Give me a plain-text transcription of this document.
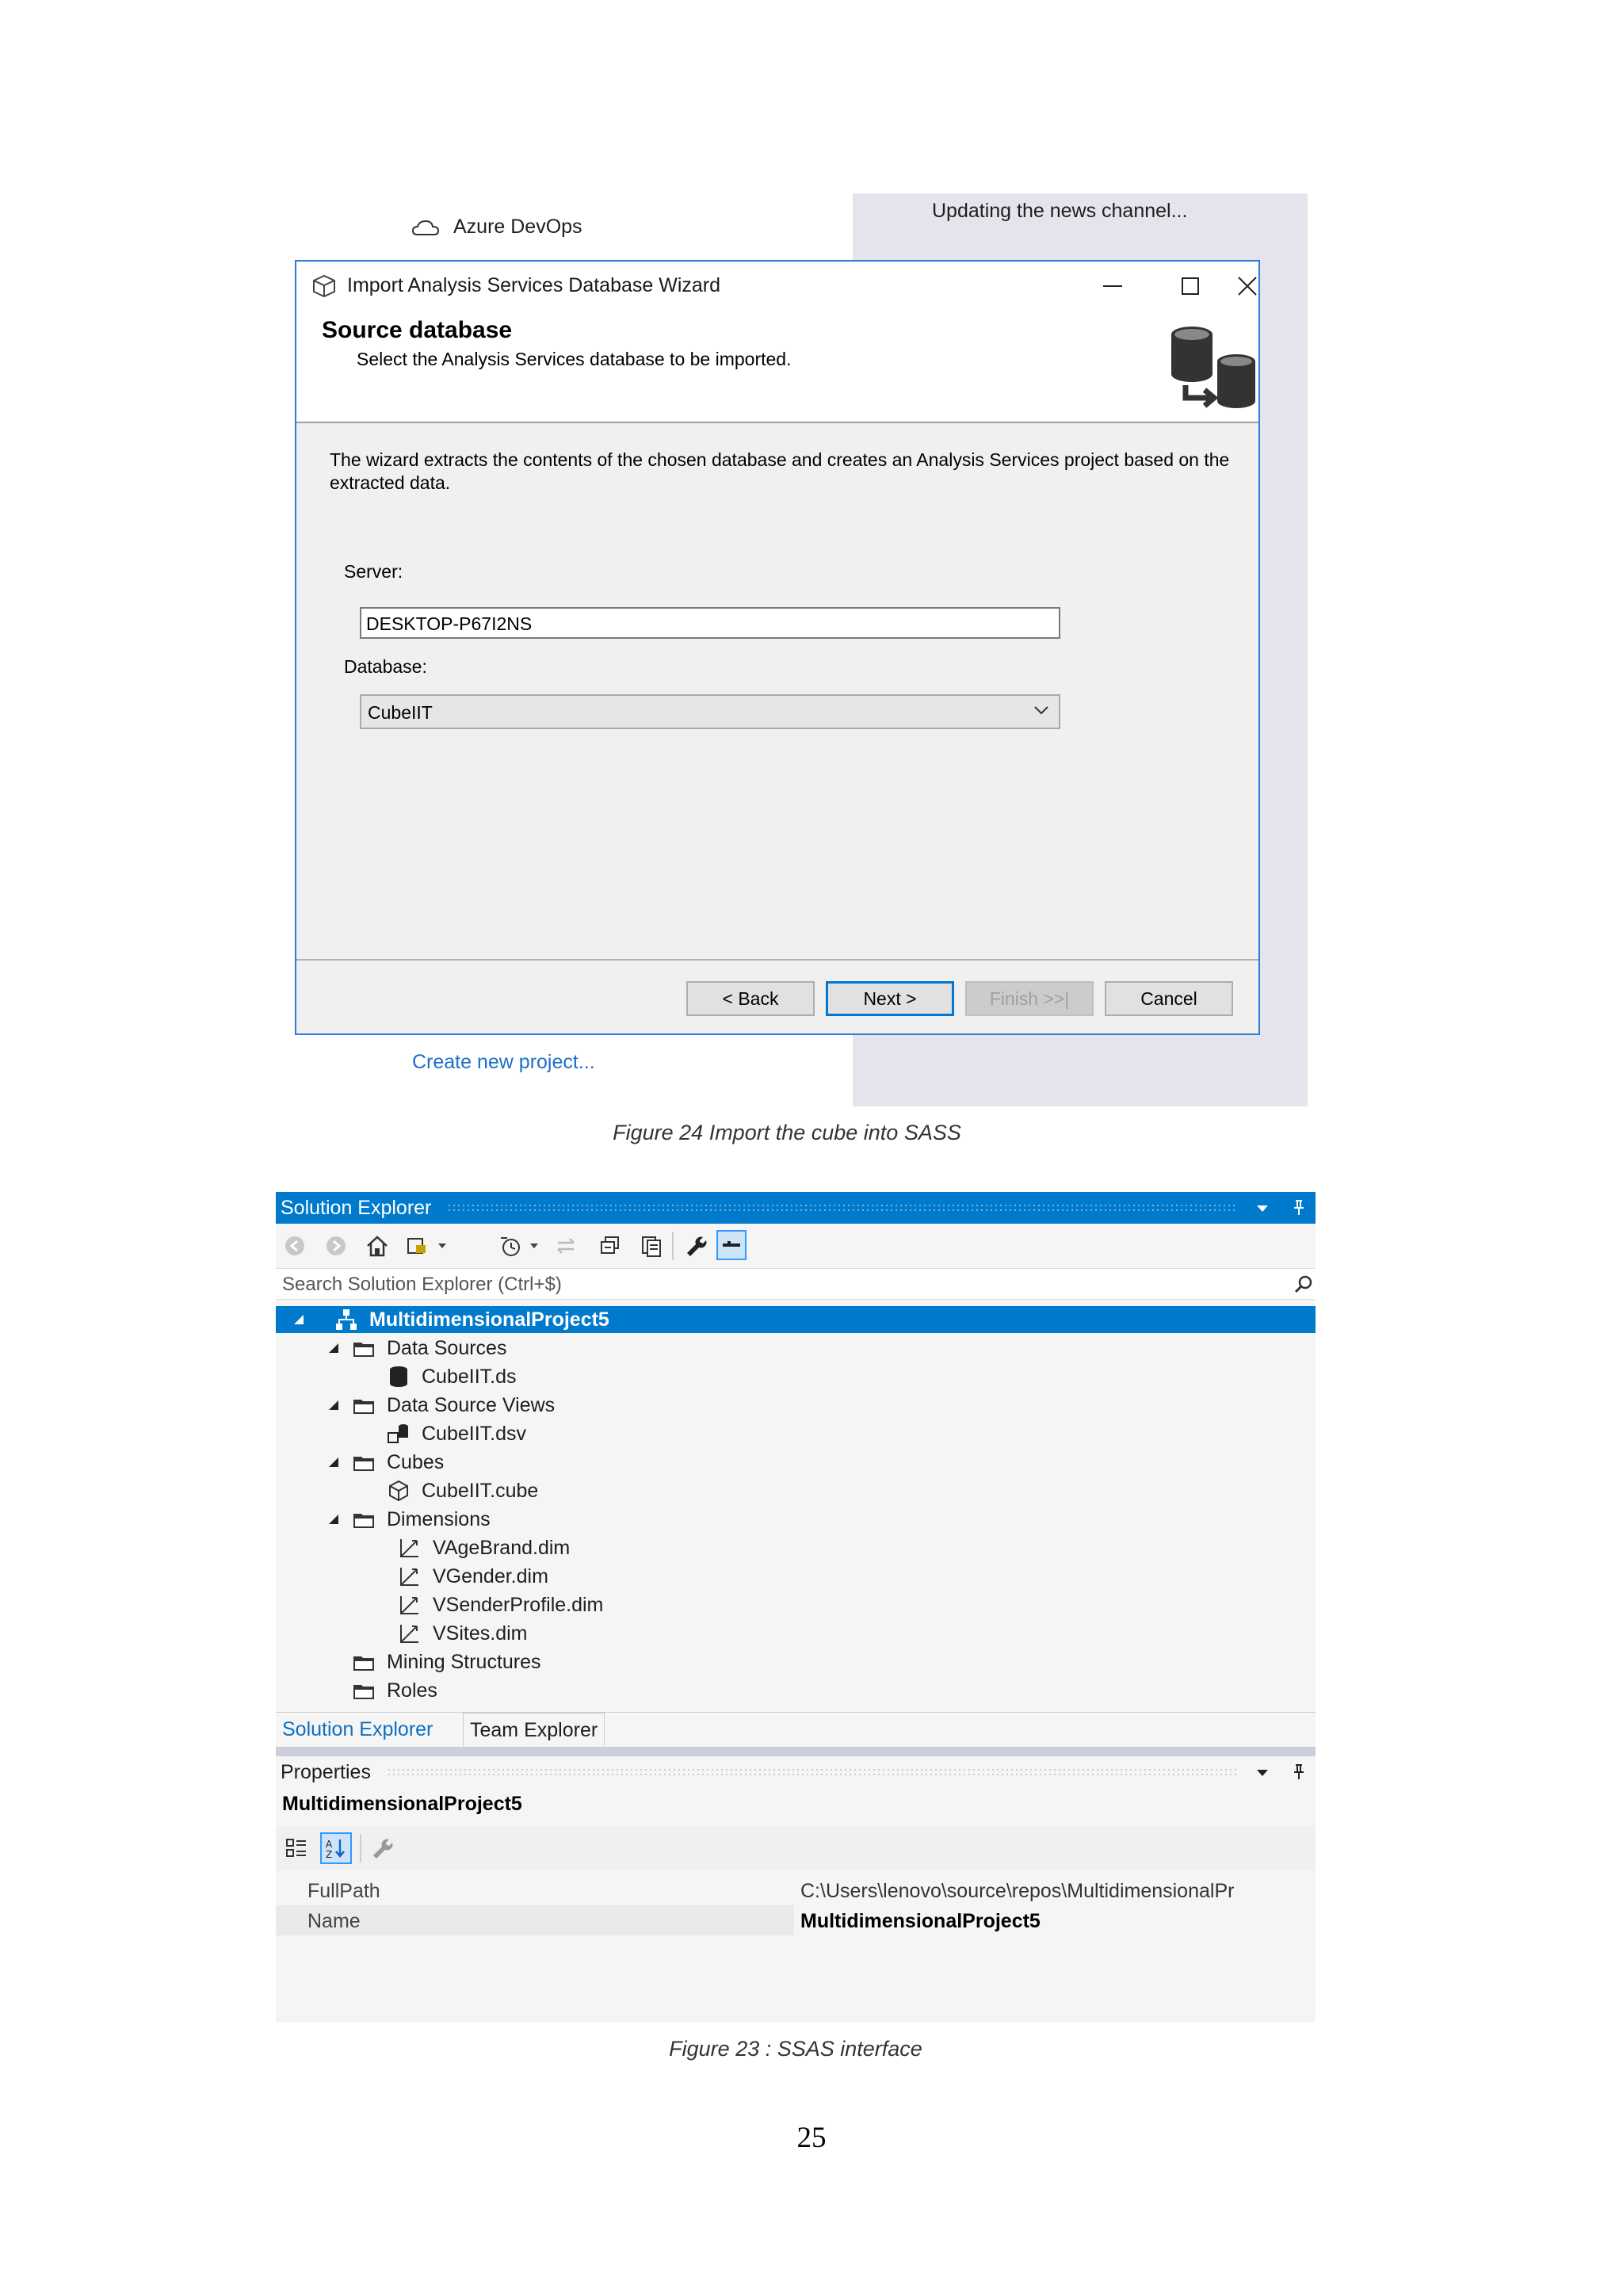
Updating the news channel...
Azure DevOps
Import Analysis Services Database Wizard
Source database
Select the Analysis Services database to be imported.
The wizard extracts the contents of the chosen database and creates an Analysis Services project based on the extracted data.
Server:
DESKTOP-P67I2NS
Database:
CubeIIT
< Back	Next >	Finish >>|	Cancel
Create new project...
Figure 24 Import the cube into SASS
Solution Explorer
Search Solution Explorer (Ctrl+$)
MultidimensionalProject5
Data Sources
CubeIIT.ds
Data Source Views
CubeIIT.dsv
Cubes
CubeIIT.cube
Dimensions
VAgeBrand.dim
VGender.dim
VSenderProfile.dim
VSites.dim
Mining Structures
Roles
Solution Explorer	Team Explorer
Properties
MultidimensionalProject5
A
Z
FullPath	C:\Users\lenovo\source\repos\MultidimensionalPr
Name	MultidimensionalProject5
Figure 23 : SSAS interface
25
